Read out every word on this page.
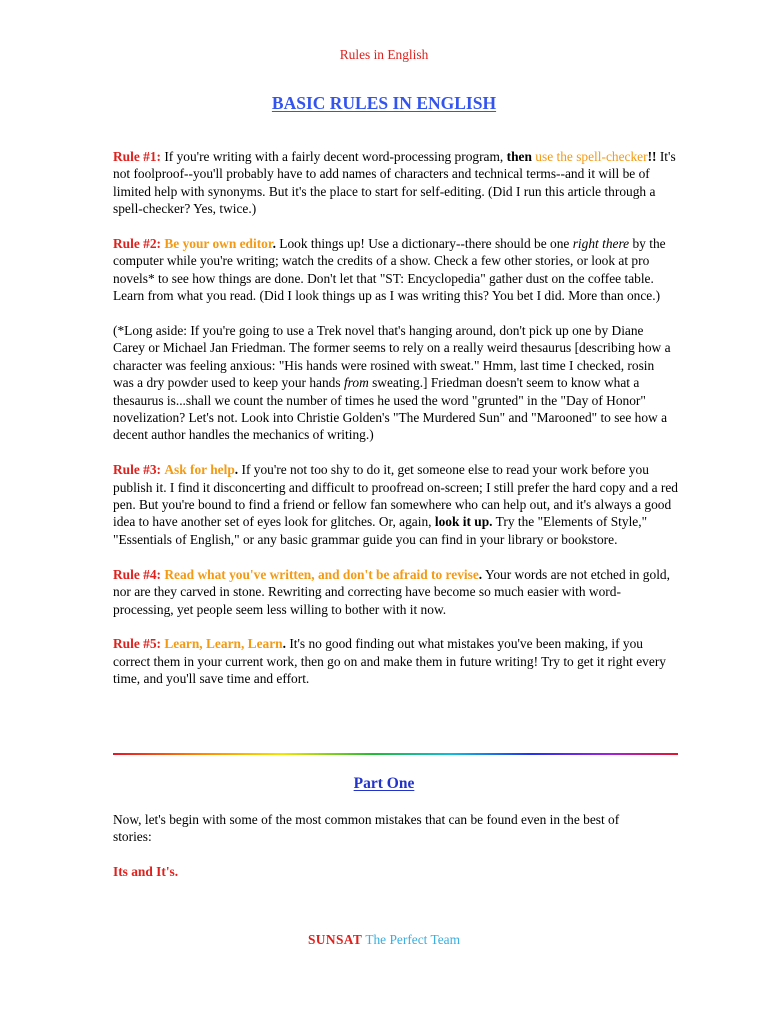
Rules in English
BASIC RULES IN ENGLISH

Rule #1: If you're writing with a fairly decent word-processing program, then use the spell-checker!! It's not foolproof--you'll probably have to add names of characters and technical terms--and it will be of limited help with synonyms. But it's the place to start for self-editing. (Did I run this article through a spell-checker? Yes, twice.)

Rule #2: Be your own editor. Look things up! Use a dictionary--there should be one right there by the computer while you're writing; watch the credits of a show. Check a few other stories, or look at pro novels* to see how things are done. Don't let that "ST: Encyclopedia" gather dust on the coffee table. Learn from what you read. (Did I look things up as I was writing this? You bet I did. More than once.)

(*Long aside: If you're going to use a Trek novel that's hanging around, don't pick up one by Diane Carey or Michael Jan Friedman. The former seems to rely on a really weird thesaurus [describing how a character was feeling anxious: "His hands were rosined with sweat." Hmm, last time I checked, rosin was a dry powder used to keep your hands from sweating.] Friedman doesn't seem to know what a thesaurus is...shall we count the number of times he used the word "grunted" in the "Day of Honor" novelization? Let's not. Look into Christie Golden's "The Murdered Sun" and "Marooned" to see how a decent author handles the mechanics of writing.)

Rule #3: Ask for help. If you're not too shy to do it, get someone else to read your work before you publish it. I find it disconcerting and difficult to proofread on-screen; I still prefer the hard copy and a red pen. But you're bound to find a friend or fellow fan somewhere who can help out, and it's always a good idea to have another set of eyes look for glitches. Or, again, look it up. Try the "Elements of Style," "Essentials of English," or any basic grammar guide you can find in your library or bookstore.

Rule #4: Read what you've written, and don't be afraid to revise. Your words are not etched in gold, nor are they carved in stone. Rewriting and correcting have become so much easier with word-processing, yet people seem less willing to bother with it now.

Rule #5: Learn, Learn, Learn. It's no good finding out what mistakes you've been making, if you correct them in your current work, then go on and make them in future writing! Try to get it right every time, and you'll save time and effort.

Part One
Now, let's begin with some of the most common mistakes that can be found even in the best of stories:
Its and It's.
SUNSAT The Perfect Team
